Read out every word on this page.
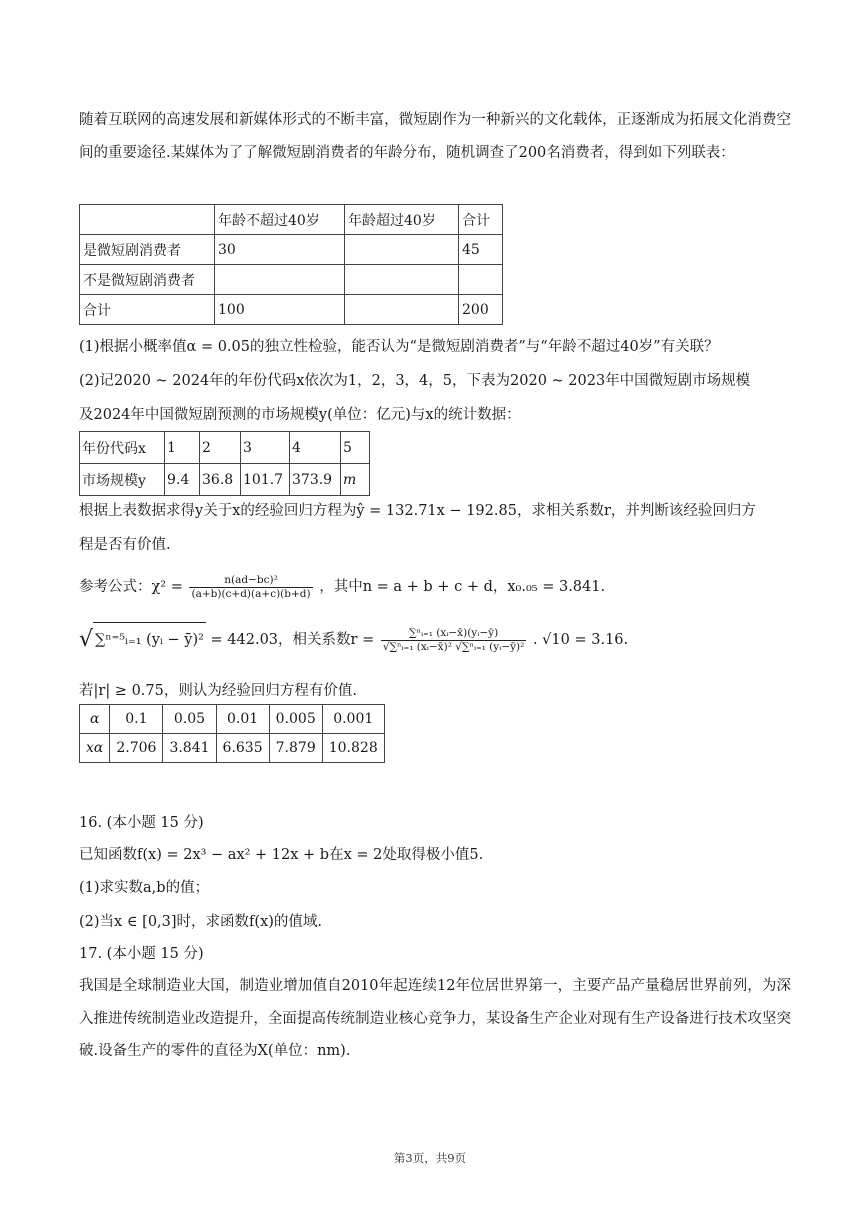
随着互联网的高速发展和新媒体形式的不断丰富，微短剧作为一种新兴的文化载体，正逐渐成为拓展文化消费空间的重要途径.某媒体为了了解微短剧消费者的年龄分布，随机调查了200名消费者，得到如下列联表：

	年龄不超过40岁	年龄超过40岁	合计
是微短剧消费者	30		45
不是微短剧消费者			
合计	100		200
(1)根据小概率值α = 0.05的独立性检验，能否认为“是微短剧消费者”与“年龄不超过40岁”有关联？
(2)记2020 ~ 2024年的年份代码x依次为1，2，3，4，5，下表为2020 ~ 2023年中国微短剧市场规模
及2024年中国微短剧预测的市场规模y(单位：亿元)与x的统计数据：
年份代码x	1	2	3	4	5
市场规模y	9.4	36.8	101.7	373.9	m
根据上表数据求得y关于x的经验回归方程为ŷ = 132.71x − 192.85，求相关系数r，并判断该经验回归方
程是否有价值.
参考公式：$\chi^2 = \frac{\text{n(ad−bc)²}}{(a+b)(c+d)(a+c)(b+d)}$ ，其中n = a + b + c + d，x₀.₀₅ = 3.841.
√ ∑ⁿ⁼⁵ᵢ₌₁ (yᵢ − ȳ)² = 442.03，相关系数$r = \frac{\text{∑ⁿᵢ₌₁ (xᵢ−x̄)(yᵢ−ȳ)}}{\text{√∑ⁿᵢ₌₁ (xᵢ−x̄)² √∑ⁿᵢ₌₁ (yᵢ−ȳ)²}}$ . √10 = 3.16.
若|r| ≥ 0.75，则认为经验回归方程有价值.
α	0.1	0.05	0.01	0.005	0.001
xα	2.706	3.841	6.635	7.879	10.828
16. (本小题 15 分)
已知函数f(x) = 2x³ − ax² + 12x + b在x = 2处取得极小值5.
(1)求实数a,b的值；
(2)当x ∈ [0,3]时，求函数f(x)的值域.
17. (本小题 15 分)

我国是全球制造业大国，制造业增加值自2010年起连续12年位居世界第一，主要产品产量稳居世界前列，为深入推进传统制造业改造提升，全面提高传统制造业核心竞争力，某设备生产企业对现有生产设备进行技术攻坚突破.设备生产的零件的直径为X(单位：nm).

第3页，共9页
